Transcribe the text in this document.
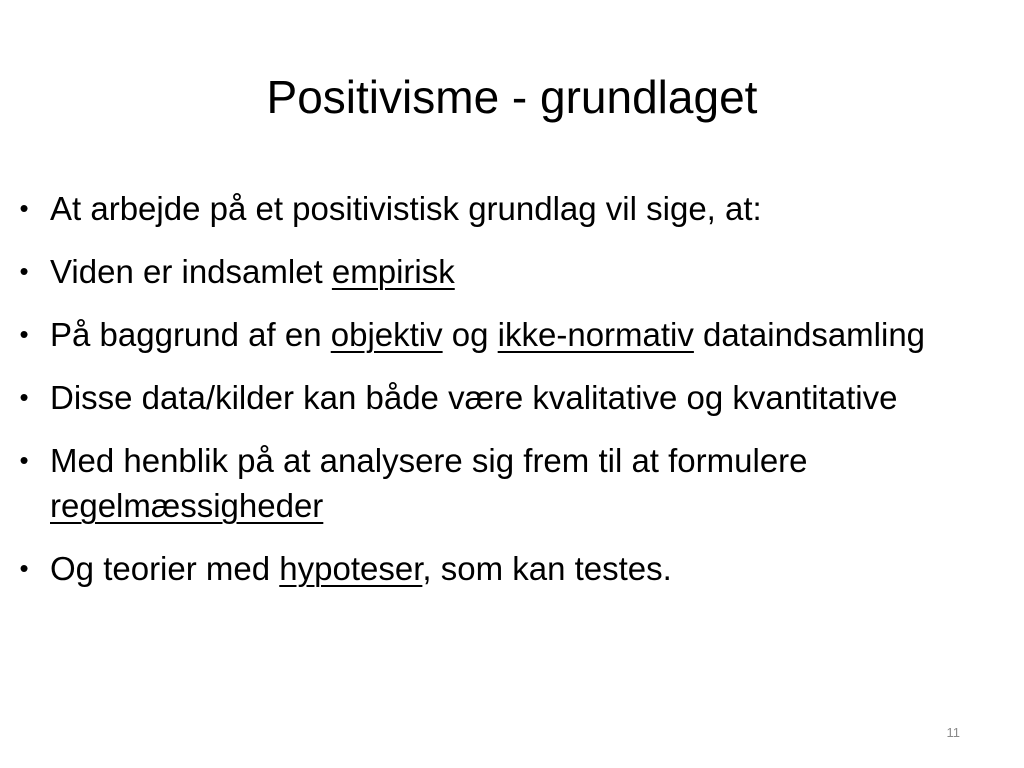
Positivisme - grundlaget
• At arbejde på et positivistisk grundlag vil sige, at:
• Viden er indsamlet empirisk
• På baggrund af en objektiv og ikke-normativ dataindsamling
• Disse data/kilder kan både være kvalitative og kvantitative
• Med henblik på at analysere sig frem til at formulere regelmæssigheder
• Og teorier med hypoteser, som kan testes.
11
